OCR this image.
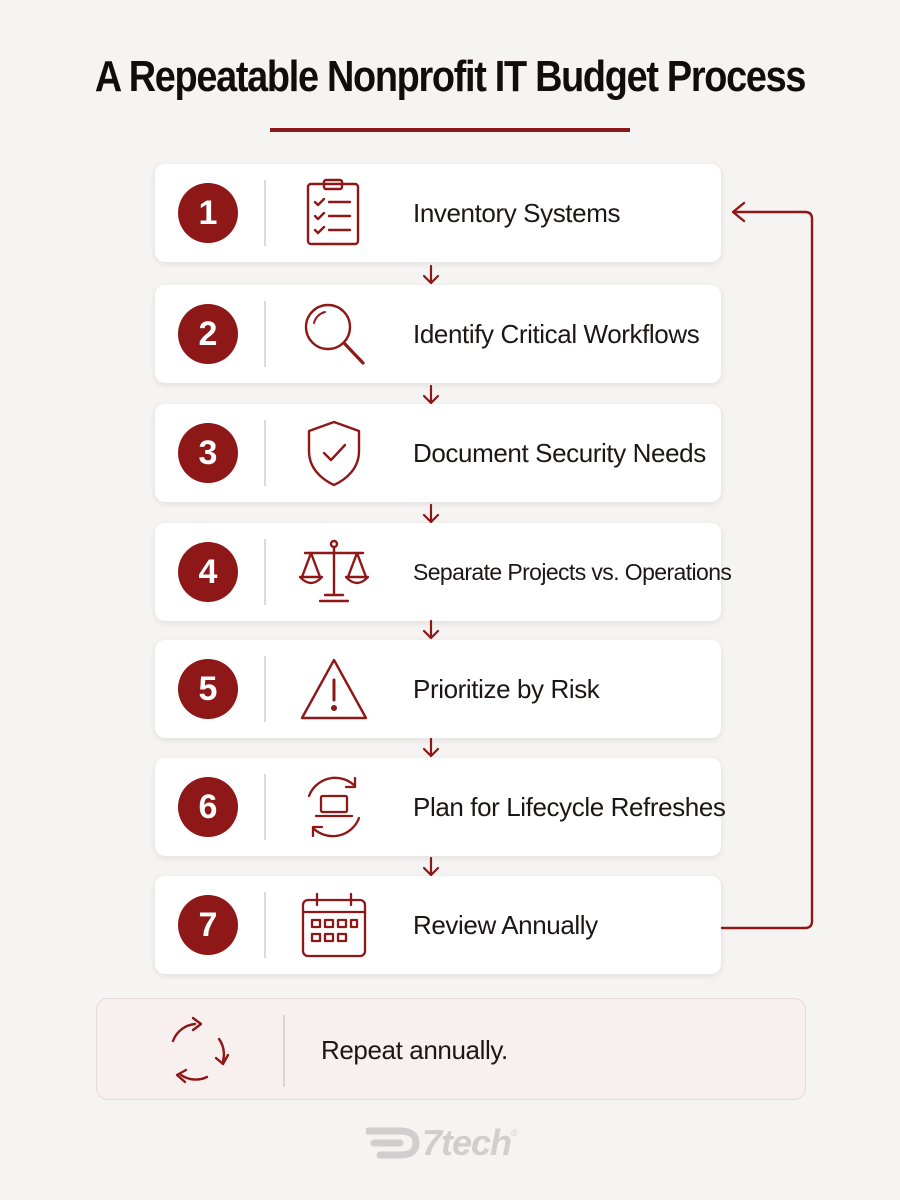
A Repeatable Nonprofit IT Budget Process
1	Inventory Systems
2	Identify Critical Workflows
3	Document Security Needs
4	Separate Projects vs. Operations
5	Prioritize by Risk
6	Plan for Lifecycle Refreshes
7	Review Annually
Repeat annually.
7tech ®
